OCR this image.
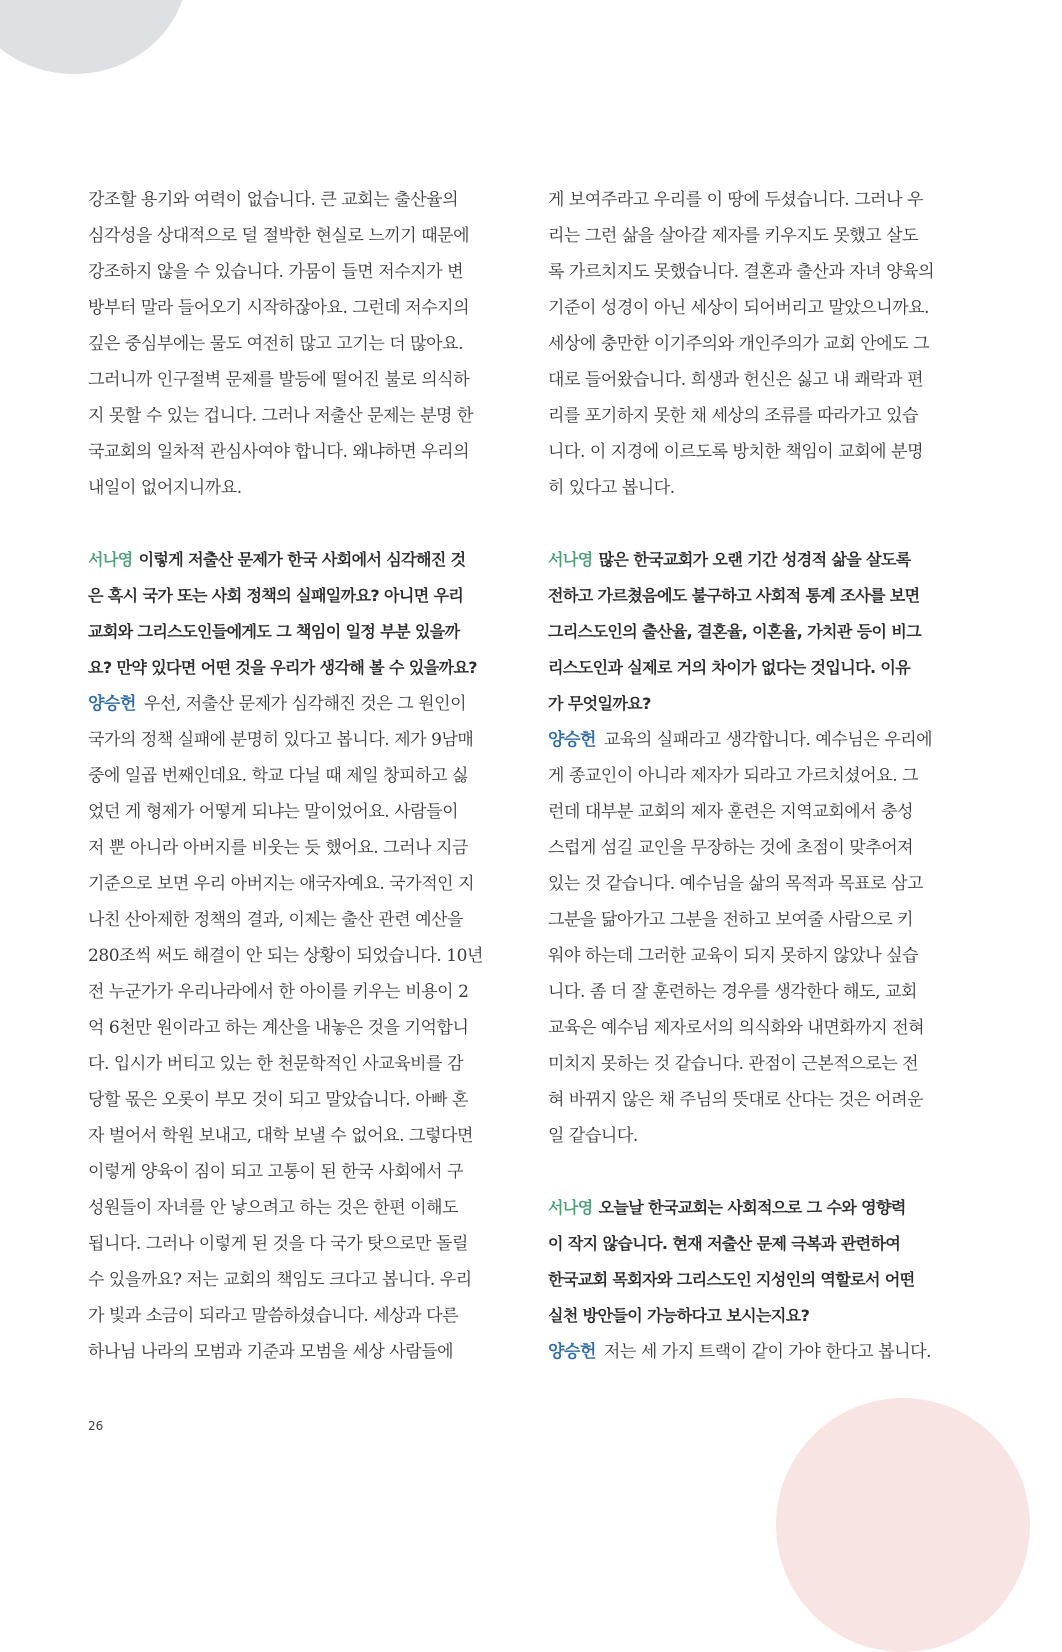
강조할 용기와 여력이 없습니다. 큰 교회는 출산율의
심각성을 상대적으로 덜 절박한 현실로 느끼기 때문에
강조하지 않을 수 있습니다. 가뭄이 들면 저수지가 변
방부터 말라 들어오기 시작하잖아요. 그런데 저수지의
깊은 중심부에는 물도 여전히 많고 고기는 더 많아요.
그러니까 인구절벽 문제를 발등에 떨어진 불로 의식하
지 못할 수 있는 겁니다. 그러나 저출산 문제는 분명 한
국교회의 일차적 관심사여야 합니다. 왜냐하면 우리의
내일이 없어지니까요.
서나영 이렇게 저출산 문제가 한국 사회에서 심각해진 것
은 혹시 국가 또는 사회 정책의 실패일까요? 아니면 우리
교회와 그리스도인들에게도 그 책임이 일정 부분 있을까
요? 만약 있다면 어떤 것을 우리가 생각해 볼 수 있을까요?
양승헌 우선, 저출산 문제가 심각해진 것은 그 원인이
국가의 정책 실패에 분명히 있다고 봅니다. 제가 9남매
중에 일곱 번째인데요. 학교 다닐 때 제일 창피하고 싫
었던 게 형제가 어떻게 되냐는 말이었어요. 사람들이
저 뿐 아니라 아버지를 비웃는 듯 했어요. 그러나 지금
기준으로 보면 우리 아버지는 애국자예요. 국가적인 지
나친 산아제한 정책의 결과, 이제는 출산 관련 예산을
280조씩 써도 해결이 안 되는 상황이 되었습니다. 10년
전 누군가가 우리나라에서 한 아이를 키우는 비용이 2
억 6천만 원이라고 하는 계산을 내놓은 것을 기억합니
다. 입시가 버티고 있는 한 천문학적인 사교육비를 감
당할 몫은 오롯이 부모 것이 되고 말았습니다. 아빠 혼
자 벌어서 학원 보내고, 대학 보낼 수 없어요. 그렇다면
이렇게 양육이 짐이 되고 고통이 된 한국 사회에서 구
성원들이 자녀를 안 낳으려고 하는 것은 한편 이해도
됩니다. 그러나 이렇게 된 것을 다 국가 탓으로만 돌릴
수 있을까요? 저는 교회의 책임도 크다고 봅니다. 우리
가 빛과 소금이 되라고 말씀하셨습니다. 세상과 다른
하나님 나라의 모범과 기준과 모범을 세상 사람들에
게 보여주라고 우리를 이 땅에 두셨습니다. 그러나 우
리는 그런 삶을 살아갈 제자를 키우지도 못했고 살도
록 가르치지도 못했습니다. 결혼과 출산과 자녀 양육의
기준이 성경이 아닌 세상이 되어버리고 말았으니까요.
세상에 충만한 이기주의와 개인주의가 교회 안에도 그
대로 들어왔습니다. 희생과 헌신은 싫고 내 쾌락과 편
리를 포기하지 못한 채 세상의 조류를 따라가고 있습
니다. 이 지경에 이르도록 방치한 책임이 교회에 분명
히 있다고 봅니다.
서나영 많은 한국교회가 오랜 기간 성경적 삶을 살도록
전하고 가르쳤음에도 불구하고 사회적 통계 조사를 보면
그리스도인의 출산율, 결혼율, 이혼율, 가치관 등이 비그
리스도인과 실제로 거의 차이가 없다는 것입니다. 이유
가 무엇일까요?
양승헌 교육의 실패라고 생각합니다. 예수님은 우리에
게 종교인이 아니라 제자가 되라고 가르치셨어요. 그
런데 대부분 교회의 제자 훈련은 지역교회에서 충성
스럽게 섬길 교인을 무장하는 것에 초점이 맞추어져
있는 것 같습니다. 예수님을 삶의 목적과 목표로 삼고
그분을 닮아가고 그분을 전하고 보여줄 사람으로 키
워야 하는데 그러한 교육이 되지 못하지 않았나 싶습
니다. 좀 더 잘 훈련하는 경우를 생각한다 해도, 교회
교육은 예수님 제자로서의 의식화와 내면화까지 전혀
미치지 못하는 것 같습니다. 관점이 근본적으로는 전
혀 바뀌지 않은 채 주님의 뜻대로 산다는 것은 어려운
일 같습니다.
서나영 오늘날 한국교회는 사회적으로 그 수와 영향력
이 작지 않습니다. 현재 저출산 문제 극복과 관련하여
한국교회 목회자와 그리스도인 지성인의 역할로서 어떤
실천 방안들이 가능하다고 보시는지요?
양승헌 저는 세 가지 트랙이 같이 가야 한다고 봅니다.
26
